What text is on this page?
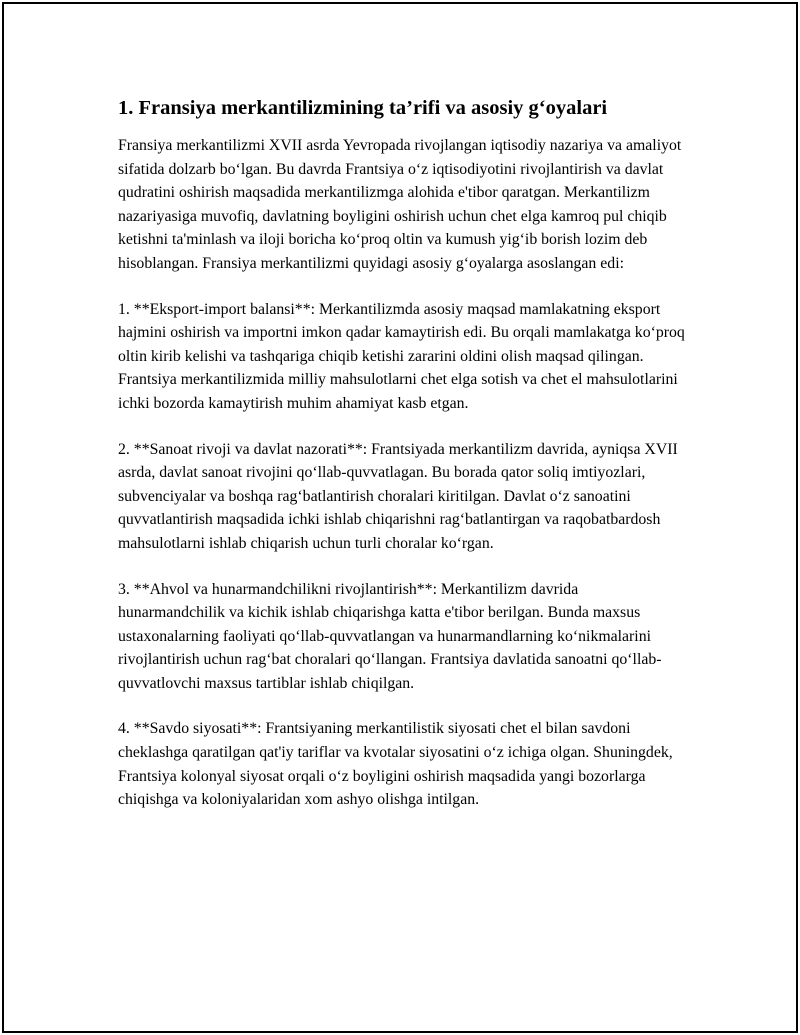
1. Fransiya merkantilizmining ta’rifi va asosiy g‘oyalari

Fransiya merkantilizmi XVII asrda Yevropada rivojlangan iqtisodiy nazariya va amaliyot sifatida dolzarb bo‘lgan. Bu davrda Frantsiya o‘z iqtisodiyotini rivojlantirish va davlat qudratini oshirish maqsadida merkantilizmga alohida e'tibor qaratgan. Merkantilizm nazariyasiga muvofiq, davlatning boyligini oshirish uchun chet elga kamroq pul chiqib ketishni ta'minlash va iloji boricha ko‘proq oltin va kumush yig‘ib borish lozim deb hisoblangan. Fransiya merkantilizmi quyidagi asosiy g‘oyalarga asoslangan edi:

1. **Eksport-import balansi**: Merkantilizmda asosiy maqsad mamlakatning eksport hajmini oshirish va importni imkon qadar kamaytirish edi. Bu orqali mamlakatga ko‘proq oltin kirib kelishi va tashqariga chiqib ketishi zararini oldini olish maqsad qilingan. Frantsiya merkantilizmida milliy mahsulotlarni chet elga sotish va chet el mahsulotlarini ichki bozorda kamaytirish muhim ahamiyat kasb etgan.

2. **Sanoat rivoji va davlat nazorati**: Frantsiyada merkantilizm davrida, ayniqsa XVII asrda, davlat sanoat rivojini qo‘llab-quvvatlagan. Bu borada qator soliq imtiyozlari, subvenciyalar va boshqa rag‘batlantirish choralari kiritilgan. Davlat o‘z sanoatini quvvatlantirish maqsadida ichki ishlab chiqarishni rag‘batlantirgan va raqobatbardosh mahsulotlarni ishlab chiqarish uchun turli choralar ko‘rgan.

3. **Ahvol va hunarmandchilikni rivojlantirish**: Merkantilizm davrida hunarmandchilik va kichik ishlab chiqarishga katta e'tibor berilgan. Bunda maxsus ustaxonalarning faoliyati qo‘llab-quvvatlangan va hunarmandlarning ko‘nikmalarini rivojlantirish uchun rag‘bat choralari qo‘llangan. Frantsiya davlatida sanoatni qo‘llab-quvvatlovchi maxsus tartiblar ishlab chiqilgan.

4. **Savdo siyosati**: Frantsiyaning merkantilistik siyosati chet el bilan savdoni cheklashga qaratilgan qat'iy tariflar va kvotalar siyosatini o‘z ichiga olgan. Shuningdek, Frantsiya kolonyal siyosat orqali o‘z boyligini oshirish maqsadida yangi bozorlarga chiqishga va koloniyalaridan xom ashyo olishga intilgan.
